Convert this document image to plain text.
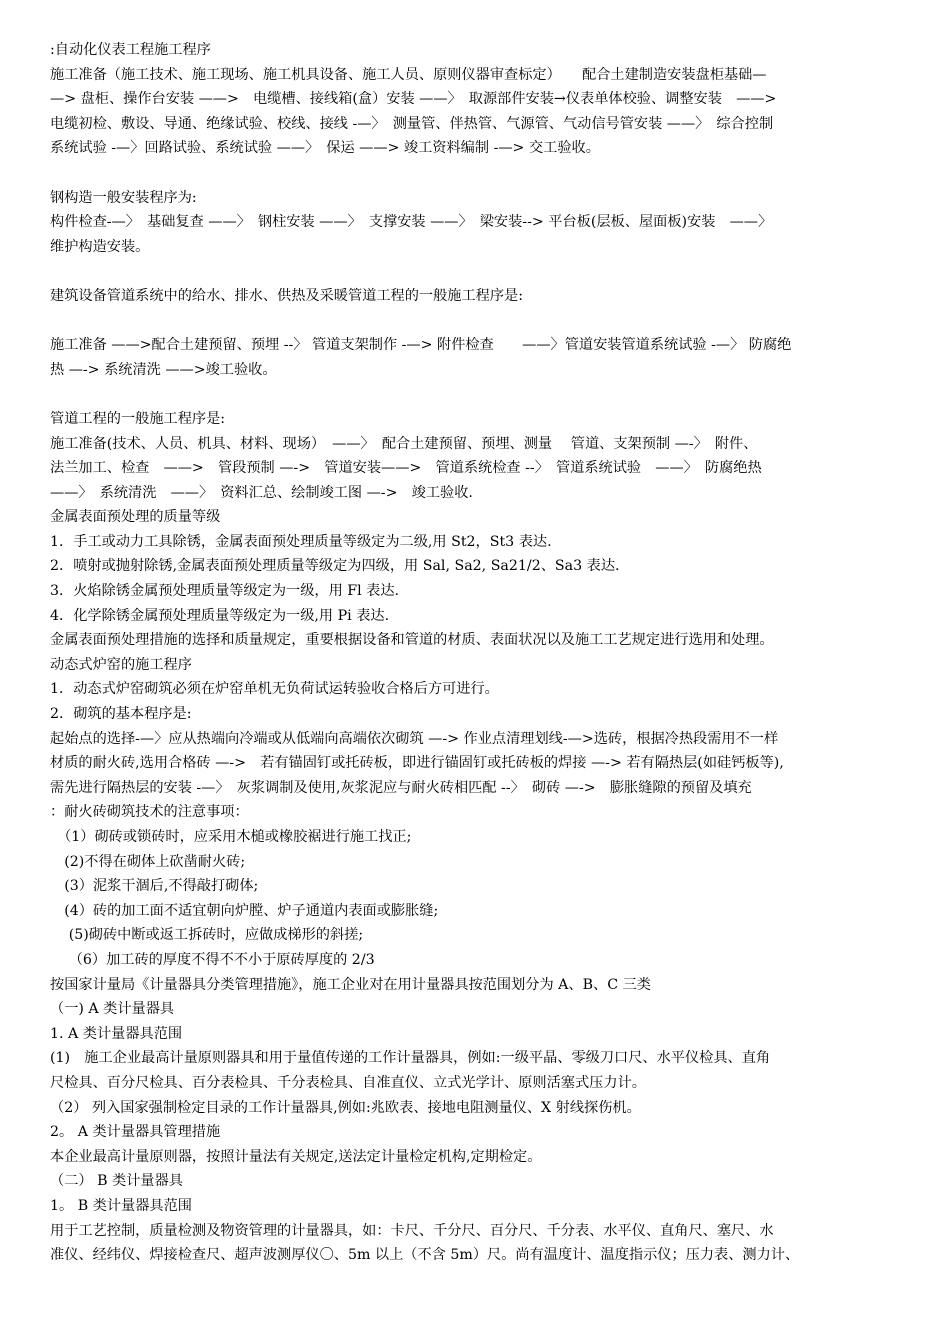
:自动化仪表工程施工程序
施工准备（施工技术、施工现场、施工机具设备、施工人员、原则仪器审查标定）　　配合土建制造安装盘柜基础—
—> 盘柜、操作台安装 ——>　电缆槽、接线箱(盒）安装 ——〉　取源部件安装→仪表单体校验、调整安装　——>
电缆初检、敷设、导通、绝缘试验、校线、接线 -—〉　测量管、伴热管、气源管、气动信号管安装 ——〉　综合控制
系统试验 -—〉回路试验、系统试验 ——〉　保运 ——> 竣工资料编制 -—> 交工验收。
钢构造一般安装程序为:
构件检查-—〉　基础复查 ——〉　钢柱安装 ——〉　支撑安装 ——〉　梁安装--> 平台板(层板、屋面板)安装　——〉
维护构造安装。
建筑设备管道系统中的给水、排水、供热及采暖管道工程的一般施工程序是:
施工准备 ——>配合土建预留、预埋 --〉 管道支架制作 -—> 附件检查　　——〉管道安装管道系统试验 -—〉 防腐绝
热 —-> 系统清洗 ——>竣工验收。
管道工程的一般施工程序是:
施工准备(技术、人员、机具、材料、现场）　——〉　配合土建预留、预埋、测量　 管道、支架预制 —-〉　附件、
法兰加工、检查　——>　管段预制 —->　管道安装——>　管道系统检查 --〉　管道系统试验　——〉　防腐绝热
——〉　系统清洗　——〉　资料汇总、绘制竣工图 —->　竣工验收.
金属表面预处理的质量等级
1．手工或动力工具除锈，金属表面预处理质量等级定为二级,用 St2，St3 表达.
2．喷射或抛射除锈,金属表面预处理质量等级定为四级，用 Sal, Sa2, Sa21/2、Sa3 表达.
3．火焰除锈金属预处理质量等级定为一级，用 Fl 表达.
4．化学除锈金属预处理质量等级定为一级,用 Pi 表达.
金属表面预处理措施的选择和质量规定，重要根据设备和管道的材质、表面状况以及施工工艺规定进行选用和处理。
动态式炉窑的施工程序
1．动态式炉窑砌筑必须在炉窑单机无负荷试运转验收合格后方可进行。
2．砌筑的基本程序是:
起始点的选择-—〉应从热端向冷端或从低端向高端依次砌筑 —-> 作业点清理划线-—>选砖，根据冷热段需用不一样
材质的耐火砖,选用合格砖 —->　若有锚固钉或托砖板，即进行锚固钉或托砖板的焊接 —-> 若有隔热层(如硅钙板等),
需先进行隔热层的安装 -—〉　灰浆调制及使用,灰浆泥应与耐火砖相匹配 --〉　砌砖 —->　膨胀缝隙的预留及填充
：耐火砖砌筑技术的注意事项：
　（1）砌砖或锁砖时，应采用木槌或橡胶裾进行施工找正;
　(2)不得在砌体上砍凿耐火砖;
　(3）泥浆干涸后,不得敲打砌体;
　(4）砖的加工面不适宜朝向炉膛、炉子通道内表面或膨胀缝;
　 (5)砌砖中断或返工拆砖时，应做成梯形的斜搓;
　 （6）加工砖的厚度不得不不小于原砖厚度的 2/3
按国家计量局《计量器具分类管理措施》，施工企业对在用计量器具按范围划分为 A、B、C 三类
（一) A 类计量器具
1. A 类计量器具范围
(1)　施工企业最高计量原则器具和用于量值传递的工作计量器具，例如:一级平晶、零级刀口尺、水平仪检具、直角
尺检具、百分尺检具、百分表检具、千分表检具、自准直仪、立式光学计、原则活塞式压力计。
（2） 列入国家强制检定目录的工作计量器具,例如:兆欧表、接地电阻测量仪、X 射线探伤机。
2。 A 类计量器具管理措施
本企业最高计量原则器，按照计量法有关规定,送法定计量检定机构,定期检定。
（二） B 类计量器具
1。 B 类计量器具范围
用于工艺控制，质量检测及物资管理的计量器具，如：卡尺、千分尺、百分尺、千分表、水平仪、直角尺、塞尺、水
准仪、经纬仪、焊接检查尺、超声波测厚仪〇、5m 以上（不含 5m）尺。尚有温度计、温度指示仪；压力表、测力计、
